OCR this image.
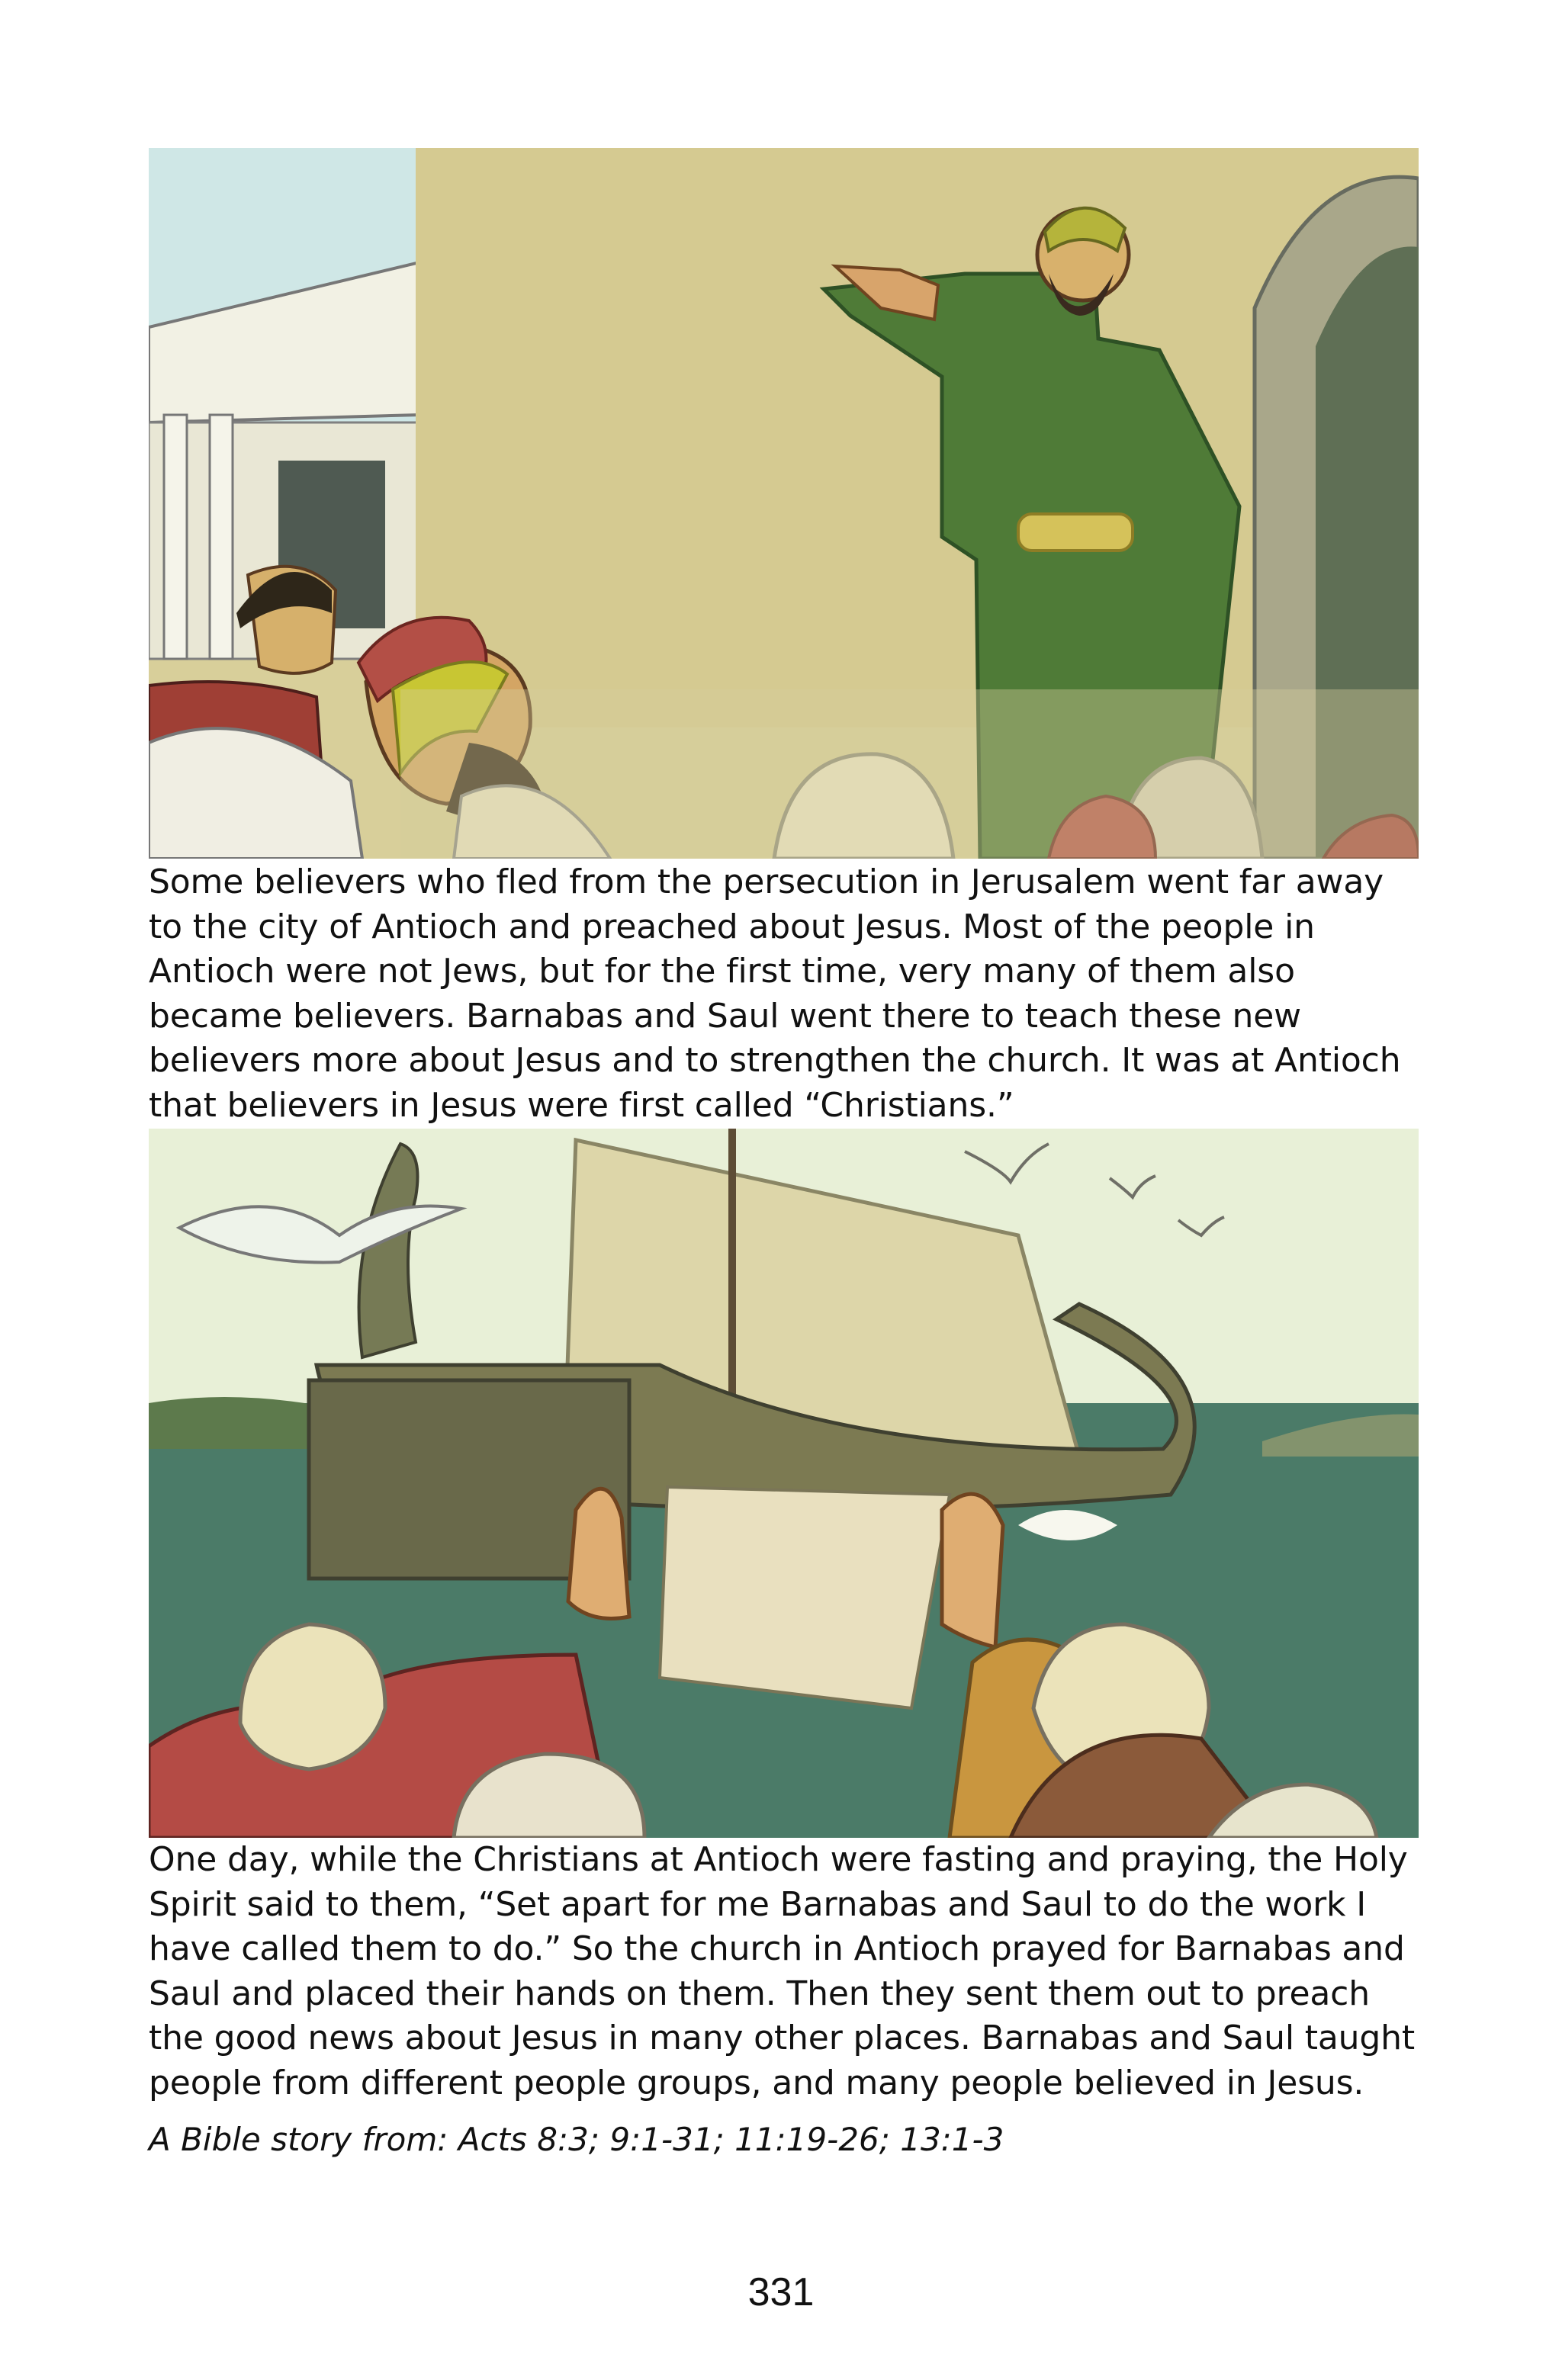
Some believers who fled from the persecution in Jerusalem went far away to the city of Antioch and preached about Jesus. Most of the people in Antioch were not Jews, but for the first time, very many of them also became believers. Barnabas and Saul went there to teach these new believers more about Jesus and to strengthen the church. It was at Antioch that believers in Jesus were first called “Christians.”

One day, while the Christians at Antioch were fasting and praying, the Holy Spirit said to them, “Set apart for me Barnabas and Saul to do the work I have called them to do.” So the church in Antioch prayed for Barnabas and Saul and placed their hands on them. Then they sent them out to preach the good news about Jesus in many other places. Barnabas and Saul taught people from different people groups, and many people believed in Jesus.

A Bible story from: Acts 8:3; 9:1-31; 11:19-26; 13:1-3

331
